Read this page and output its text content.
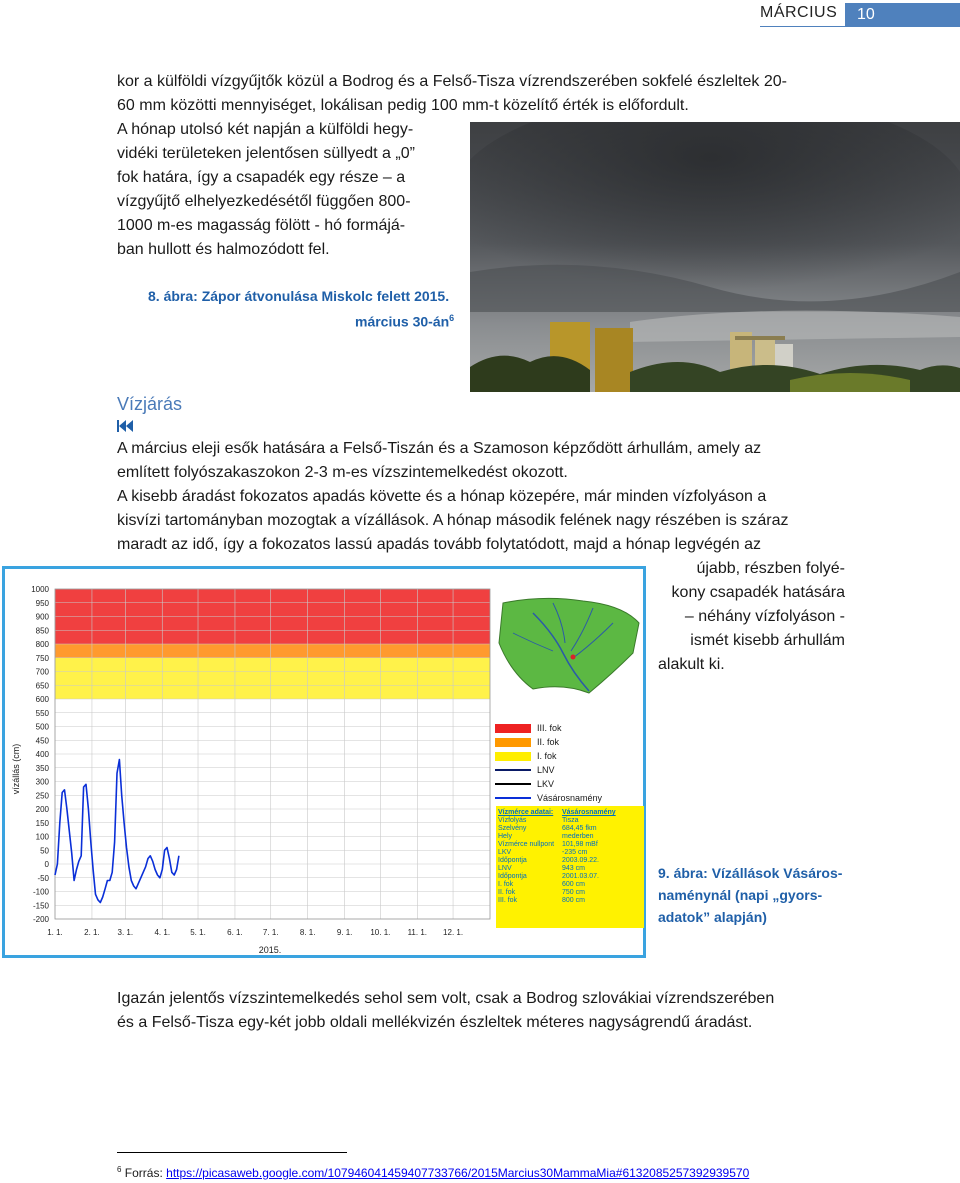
MÁRCIUS	10
kor a külföldi vízgyűjtők közül a Bodrog és a Felső-Tisza vízrendszerében sokfelé észleltek 20-
60 mm közötti mennyiséget, lokálisan pedig 100 mm-t közelítő érték is előfordult.
A hónap utolsó két napján a külföldi hegy-
vidéki területeken jelentősen süllyedt a „0”
fok határa, így a csapadék egy része – a
vízgyűjtő elhelyezkedésétől függően 800-
1000 m-es magasság fölött - hó formájá-
ban hullott és halmozódott fel.
8. ábra: Zápor átvonulása Miskolc felett 2015.
március $30-án^6$
Vízjárás
A március eleji esők hatására a Felső-Tiszán és a Szamoson képződött árhullám, amely az
említett folyószakaszokon 2-3 m-es vízszintemelkedést okozott.
A kisebb áradást fokozatos apadás követte és a hónap közepére, már minden vízfolyáson a
kisvízi tartományban mozogtak a vízállások. A hónap második felének nagy részében is száraz
maradt az idő, így a fokozatos lassú apadás tovább folytatódott, majd a hónap legvégén az
újabb, részben folyé-
kony csapadék hatására
– néhány vízfolyáson -
ismét kisebb árhullám
alakult ki.
9. ábra: Vízállások Vásáros-
naménynál (napi „gyors-
adatok” alapján)
1000
950
900
850
800
750
700
650
600
550
500
450
400
350
300
250
200
150
100
50
0
-50
-100
-150
-200
1. 1.	2. 1. 3. 1.	4. 1.	5. 1.	6. 1.	7. 1.	8. 1.	9. 1. 10. 1. 11. 1. 12. 1.
vízállás (cm)
2015.
III. fok
II. fok
I. fok
LNV
LKV
Vásárosnamény
Vízmérce adatai:	Vásárosnamény
Vízfolyás	Tisza
Szelvény	684,45 fkm
Hely	mederben
Vízmérce nullpont	101,98 mBf
LKV	-235 cm
Időpontja	2003.09.22.
LNV	943 cm
Időpontja	2001.03.07.
I. fok	600 cm
II. fok	750 cm
III. fok	800 cm
Igazán jelentős vízszintemelkedés sehol sem volt, csak a Bodrog szlovákiai vízrendszerében
és a Felső-Tisza egy-két jobb oldali mellékvizén észleltek méteres nagyságrendű áradást.
$^6$ Forrás: https://picasaweb.google.com/107946041459407733766/2015Marcius30MammaMia#6132085257392939570
